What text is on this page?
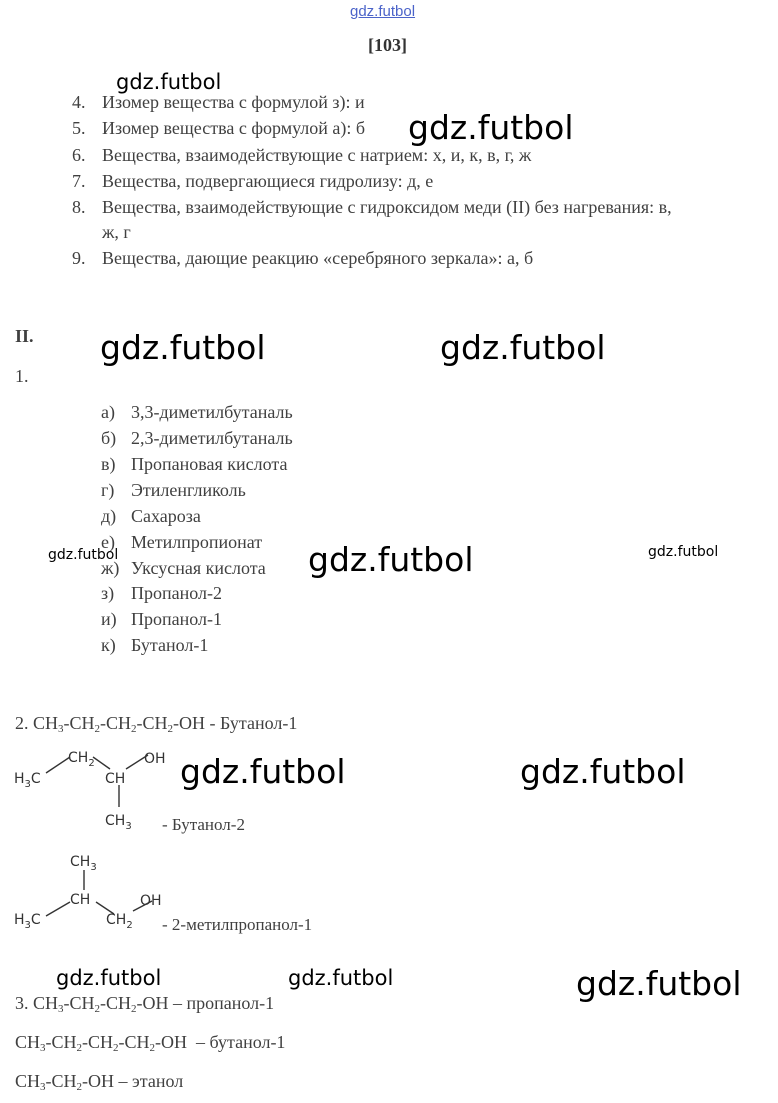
gdz.futbol
[103]
4. Изомер вещества с формулой з): и
5. Изомер вещества с формулой а): б
6. Вещества, взаимодействующие с натрием: х, и, к, в, г, ж
7. Вещества, подвергающиеся гидролизу: д, е
8. Вещества, взаимодействующие с гидроксидом меди (II) без нагревания: в,
ж, г
9. Вещества, дающие реакцию «серебряного зеркала»: а, б
II.
1.
а) 3,3-диметилбутаналь
б) 2,3-диметилбутаналь
в) Пропановая кислота
г) Этиленгликоль
д) Сахароза
е) Метилпропионат
ж) Уксусная кислота
з) Пропанол-2
и) Пропанол-1
к) Бутанол-1
2. $CH_3-CH_2-CH_2-CH_2-OH$ - Бутанол-1
$H_3C$
$CH_2$
CH
OH
$CH_3$ - Бутанол-2
$CH_3$
CH
$H_3C$	$CH_2$
OH
- 2-метилпропанол-1
3. $CH_3-CH_2-CH_2-OH$ – пропанол-1
$CH_3-CH_2-CH_2-CH_2-OH$  – бутанол-1
$CH_3-CH_2-OH$ – этанол
gdz.futbol
gdz.futbol
gdz.futbol	gdz.futbol
gdz.futbol	gdz.futbol	gdz.futbol
gdz.futbol	gdz.futbol
gdz.futbol	gdz.futbol	gdz.futbol
